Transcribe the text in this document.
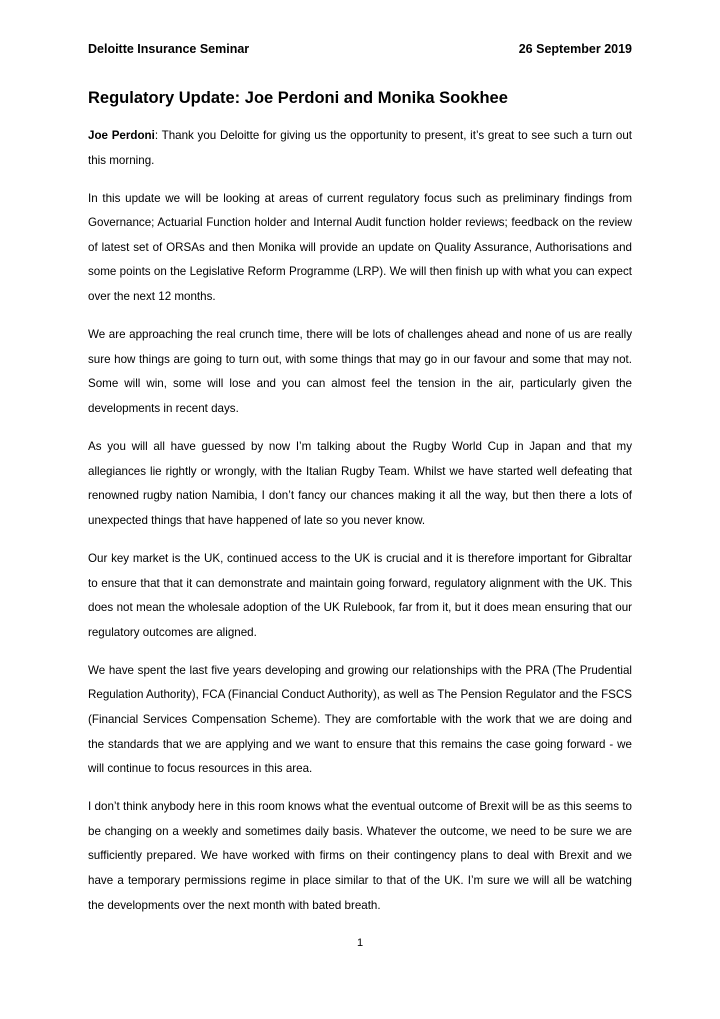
Deloitte Insurance Seminar	26 September 2019
Regulatory Update: Joe Perdoni and Monika Sookhee

Joe Perdoni: Thank you Deloitte for giving us the opportunity to present, it’s great to see such a turn out this morning.

In this update we will be looking at areas of current regulatory focus such as preliminary findings from Governance; Actuarial Function holder and Internal Audit function holder reviews; feedback on the review of latest set of ORSAs and then Monika will provide an update on Quality Assurance, Authorisations and some points on the Legislative Reform Programme (LRP). We will then finish up with what you can expect over the next 12 months.

We are approaching the real crunch time, there will be lots of challenges ahead and none of us are really sure how things are going to turn out, with some things that may go in our favour and some that may not. Some will win, some will lose and you can almost feel the tension in the air, particularly given the developments in recent days.

As you will all have guessed by now I’m talking about the Rugby World Cup in Japan and that my allegiances lie rightly or wrongly, with the Italian Rugby Team. Whilst we have started well defeating that renowned rugby nation Namibia, I don’t fancy our chances making it all the way, but then there a lots of unexpected things that have happened of late so you never know.

Our key market is the UK, continued access to the UK is crucial and it is therefore important for Gibraltar to ensure that that it can demonstrate and maintain going forward, regulatory alignment with the UK. This does not mean the wholesale adoption of the UK Rulebook, far from it, but it does mean ensuring that our regulatory outcomes are aligned.

We have spent the last five years developing and growing our relationships with the PRA (The Prudential Regulation Authority), FCA (Financial Conduct Authority), as well as The Pension Regulator and the FSCS (Financial Services Compensation Scheme). They are comfortable with the work that we are doing and the standards that we are applying and we want to ensure that this remains the case going forward - we will continue to focus resources in this area.

I don’t think anybody here in this room knows what the eventual outcome of Brexit will be as this seems to be changing on a weekly and sometimes daily basis. Whatever the outcome, we need to be sure we are sufficiently prepared. We have worked with firms on their contingency plans to deal with Brexit and we have a temporary permissions regime in place similar to that of the UK. I’m sure we will all be watching the developments over the next month with bated breath.

1
